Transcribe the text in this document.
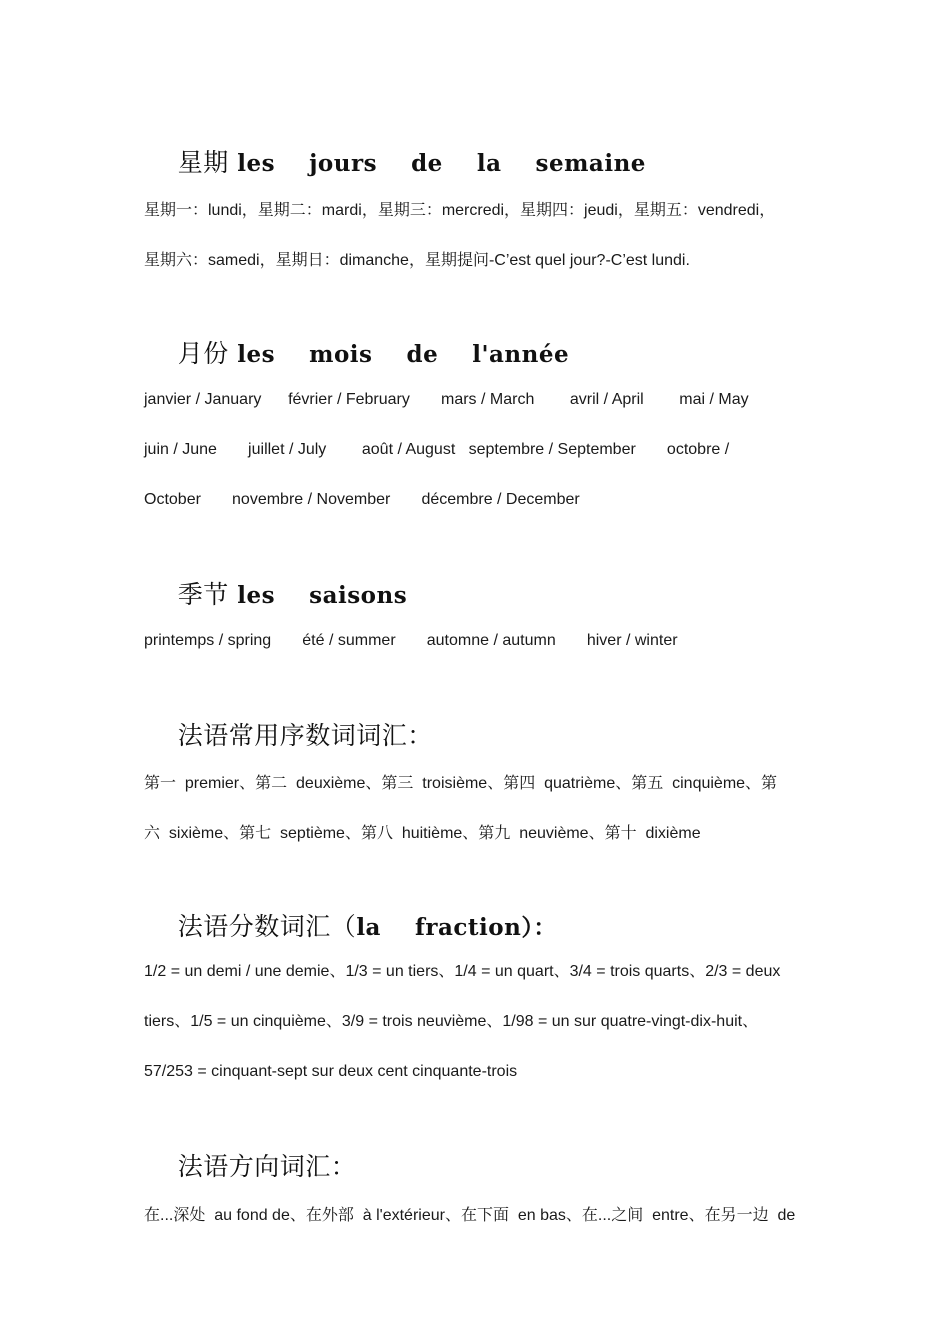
星期 les    jours    de    la    semaine

星期一：lundi，星期二：mardi，星期三：mercredi，星期四：jeudi，星期五：vendredi，
星期六：samedi，星期日：dimanche，星期提问-C’est quel jour?-C’est lundi.

月份 les    mois    de    l'année

janvier / January      février / February       mars / March        avril / April        mai / May
juin / June       juillet / July        août / August   septembre / September       octobre /
October       novembre / November       décembre / December

季节 les    saisons

printemps / spring       été / summer       automne / autumn       hiver / winter

法语常用序数词词汇：

第一  premier、第二  deuxième、第三  troisième、第四  quatrième、第五  cinquième、第
六  sixième、第七  septième、第八  huitième、第九  neuvième、第十  dixième

法语分数词汇（la    fraction）：

1/2 = un demi / une demie、1/3 = un tiers、1/4 = un quart、3/4 = trois quarts、2/3 = deux
tiers、1/5 = un cinquième、3/9 = trois neuvième、1/98 = un sur quatre-vingt-dix-huit、
57/253 = cinquant-sept sur deux cent cinquante-trois

法语方向词汇：

在...深处  au fond de、在外部  à l'extérieur、在下面  en bas、在...之间  entre、在另一边  de
